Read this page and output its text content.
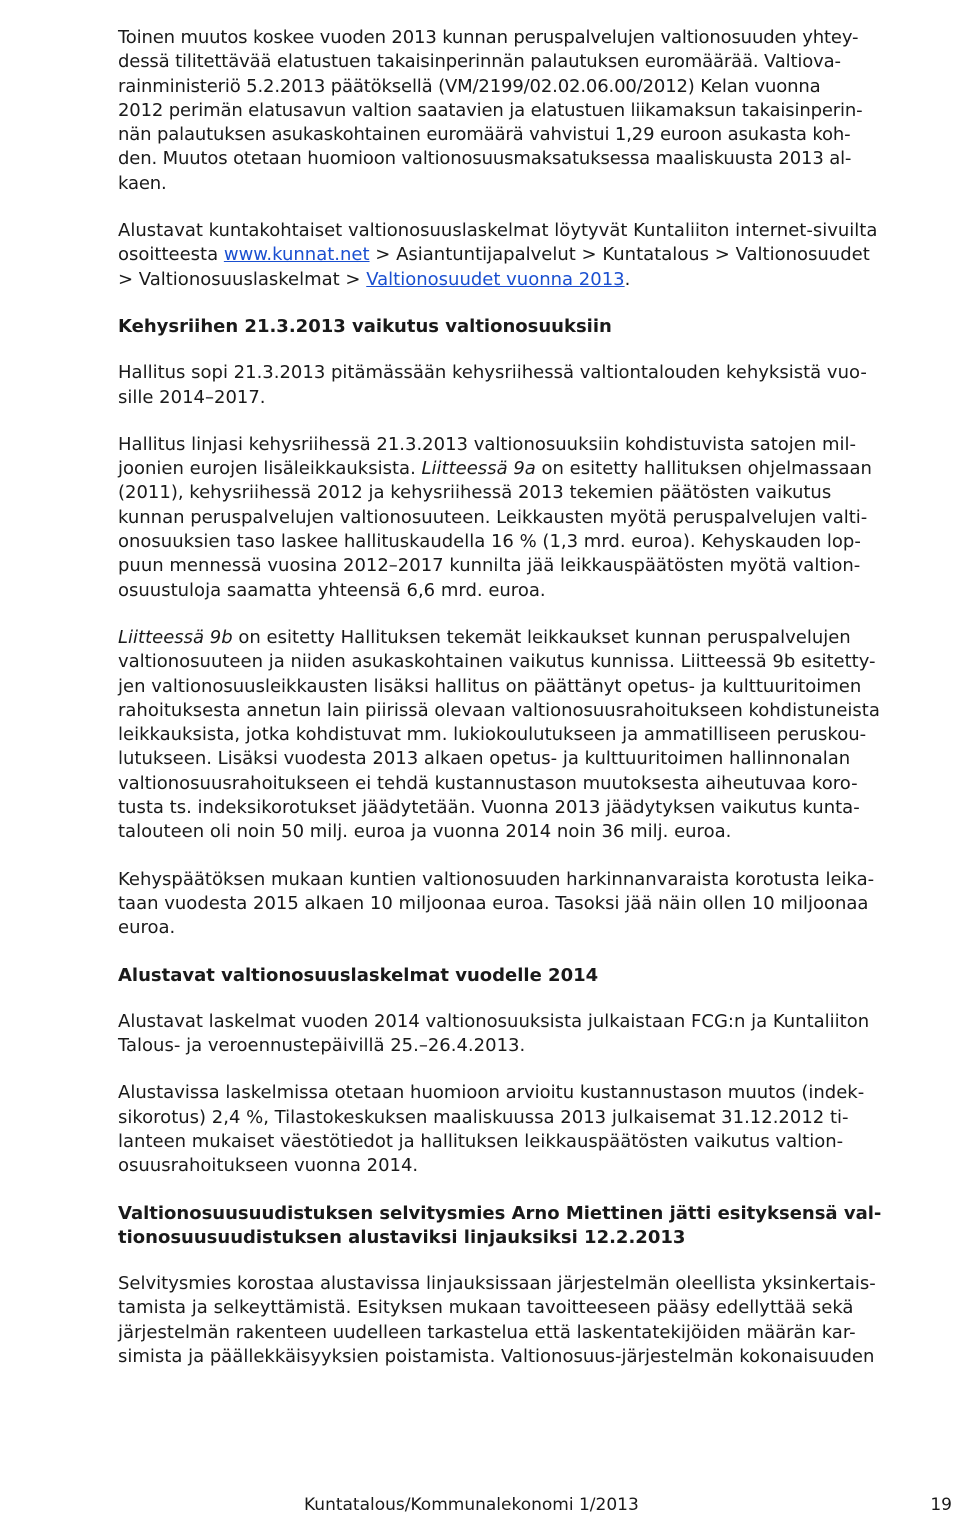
Toinen muutos koskee vuoden 2013 kunnan peruspalvelujen valtionosuuden yhtey-
dessä tilitettävää elatustuen takaisinperinnän palautuksen euromäärää. Valtiova-
rainministeriö 5.2.2013 päätöksellä (VM/2199/02.02.06.00/2012) Kelan vuonna
2012 perimän elatusavun valtion saatavien ja elatustuen liikamaksun takaisinperin-
nän palautuksen asukaskohtainen euromäärä vahvistui 1,29 euroon asukasta koh-
den. Muutos otetaan huomioon valtionosuusmaksatuksessa maaliskuusta 2013 al-
kaen.

Alustavat kuntakohtaiset valtionosuuslaskelmat löytyvät Kuntaliiton internet-sivuilta
osoitteesta www.kunnat.net > Asiantuntijapalvelut > Kuntatalous > Valtionosuudet
> Valtionosuuslaskelmat > Valtionosuudet vuonna 2013.

Kehysriihen 21.3.2013 vaikutus valtionosuuksiin

Hallitus sopi 21.3.2013 pitämässään kehysriihessä valtiontalouden kehyksistä vuo-
sille 2014–2017.

Hallitus linjasi kehysriihessä 21.3.2013 valtionosuuksiin kohdistuvista satojen mil-
joonien eurojen lisäleikkauksista. Liitteessä 9a on esitetty hallituksen ohjelmassaan
(2011), kehysriihessä 2012 ja kehysriihessä 2013 tekemien päätösten vaikutus
kunnan peruspalvelujen valtionosuuteen. Leikkausten myötä peruspalvelujen valti-
onosuuksien taso laskee hallituskaudella 16 % (1,3 mrd. euroa). Kehyskauden lop-
puun mennessä vuosina 2012–2017 kunnilta jää leikkauspäätösten myötä valtion-
osuustuloja saamatta yhteensä 6,6 mrd. euroa.

Liitteessä 9b on esitetty Hallituksen tekemät leikkaukset kunnan peruspalvelujen
valtionosuuteen ja niiden asukaskohtainen vaikutus kunnissa. Liitteessä 9b esitetty-
jen valtionosuusleikkausten lisäksi hallitus on päättänyt opetus- ja kulttuuritoimen
rahoituksesta annetun lain piirissä olevaan valtionosuusrahoitukseen kohdistuneista
leikkauksista, jotka kohdistuvat mm. lukiokoulutukseen ja ammatilliseen peruskou-
lutukseen. Lisäksi vuodesta 2013 alkaen opetus- ja kulttuuritoimen hallinnonalan
valtionosuusrahoitukseen ei tehdä kustannustason muutoksesta aiheutuvaa koro-
tusta ts. indeksikorotukset jäädytetään. Vuonna 2013 jäädytyksen vaikutus kunta-
talouteen oli noin 50 milj. euroa ja vuonna 2014 noin 36 milj. euroa.

Kehyspäätöksen mukaan kuntien valtionosuuden harkinnanvaraista korotusta leika-
taan vuodesta 2015 alkaen 10 miljoonaa euroa. Tasoksi jää näin ollen 10 miljoonaa
euroa.

Alustavat valtionosuuslaskelmat vuodelle 2014

Alustavat laskelmat vuoden 2014 valtionosuuksista julkaistaan FCG:n ja Kuntaliiton
Talous- ja veroennustepäivillä 25.–26.4.2013.

Alustavissa laskelmissa otetaan huomioon arvioitu kustannustason muutos (indek-
sikorotus) 2,4 %, Tilastokeskuksen maaliskuussa 2013 julkaisemat 31.12.2012 ti-
lanteen mukaiset väestötiedot ja hallituksen leikkauspäätösten vaikutus valtion-
osuusrahoitukseen vuonna 2014.

Valtionosuusuudistuksen selvitysmies Arno Miettinen jätti esityksensä val-
tionosuusuudistuksen alustaviksi linjauksiksi 12.2.2013

Selvitysmies korostaa alustavissa linjauksissaan järjestelmän oleellista yksinkertais-
tamista ja selkeyttämistä. Esityksen mukaan tavoitteeseen pääsy edellyttää sekä
järjestelmän rakenteen uudelleen tarkastelua että laskentatekijöiden määrän kar-
simista ja päällekkäisyyksien poistamista. Valtionosuus-järjestelmän kokonaisuuden

Kuntatalous/Kommunalekonomi 1/2013	19
